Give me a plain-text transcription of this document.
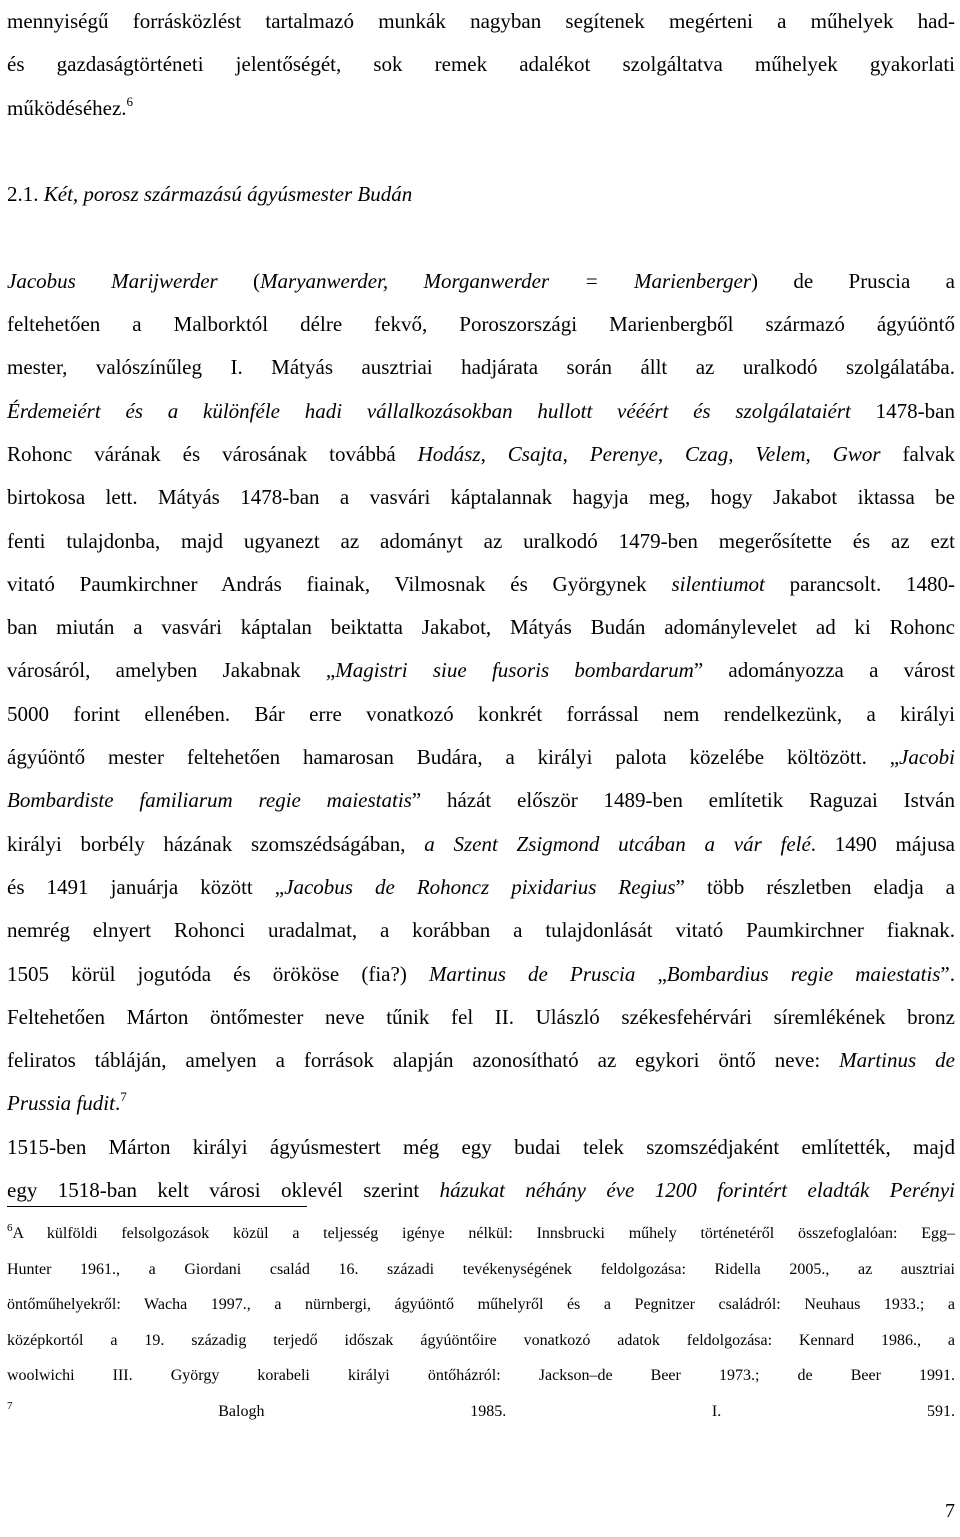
mennyiségű forrásközlést tartalmazó munkák nagyban segítenek megérteni a műhelyek had-
és gazdaságtörténeti jelentőségét, sok remek adalékot szolgáltatva műhelyek gyakorlati
működéséhez.$^6$
2.1. Két, porosz származású ágyúsmester Budán
Jacobus Marijwerder (Maryanwerder, Morganwerder = Marienberger) de Pruscia a
feltehetően a Malborktól délre fekvő, Poroszországi Marienbergből származó ágyúöntő
mester, valószínűleg I. Mátyás ausztriai hadjárata során állt az uralkodó szolgálatába.
Érdemeiért és a különféle hadi vállalkozásokban hullott vééért és szolgálataiért 1478-ban
Rohonc várának és városának továbbá Hodász, Csajta, Perenye, Czag, Velem, Gwor falvak
birtokosa lett. Mátyás 1478-ban a vasvári káptalannak hagyja meg, hogy Jakabot iktassa be
fenti tulajdonba, majd ugyanezt az adományt az uralkodó 1479-ben megerősítette és az ezt
vitató Paumkirchner András fiainak, Vilmosnak és Györgynek silentiumot parancsolt. 1480-
ban miután a vasvári káptalan beiktatta Jakabot, Mátyás Budán adománylevelet ad ki Rohonc
városáról, amelyben Jakabnak „Magistri siue fusoris bombardarum” adományozza a várost
5000 forint ellenében. Bár erre vonatkozó konkrét forrással nem rendelkezünk, a királyi
ágyúöntő mester feltehetően hamarosan Budára, a királyi palota közelébe költözött. „Jacobi
Bombardiste familiarum regie maiestatis” házát először 1489-ben említetik Raguzai István
királyi borbély házának szomszédságában, a Szent Zsigmond utcában a vár felé. 1490 májusa
és 1491 januárja között „Jacobus de Rohoncz pixidarius Regius” több részletben eladja a
nemrég elnyert Rohonci uradalmat, a korábban a tulajdonlását vitató Paumkirchner fiaknak.
1505 körül jogutóda és örököse (fia?) Martinus de Pruscia „Bombardius regie maiestatis”.
Feltehetően Márton öntőmester neve tűnik fel II. Ulászló székesfehérvári síremlékének bronz
feliratos tábláján, amelyen a források alapján azonosítható az egykori öntő neve: Martinus de
Prussia fudit.$^7$
1515-ben Márton királyi ágyúsmestert még egy budai telek szomszédjaként említették, majd
egy 1518-ban kelt városi oklevél szerint házukat néhány éve 1200 forintért eladták Perényi

$^6$A külföldi felsolgozások közül a teljesség igénye nélkül: Innsbrucki műhely történetéről összefoglalóan: Egg–
Hunter 1961., a Giordani család 16. századi tevékenységének feldolgozása: Ridella 2005., az ausztriai
öntőműhelyekről: Wacha 1997., a nürnbergi, ágyúöntő műhelyről és a Pegnitzer családról: Neuhaus 1933.; a
középkortól a 19. századig terjedő időszak ágyúöntőire vonatkozó adatok feldolgozása: Kennard 1986., a
woolwichi III. György korabeli királyi öntőházról: Jackson–de Beer 1973.; de Beer 1991.
$^7$ Balogh 1985. I. 591.
7
